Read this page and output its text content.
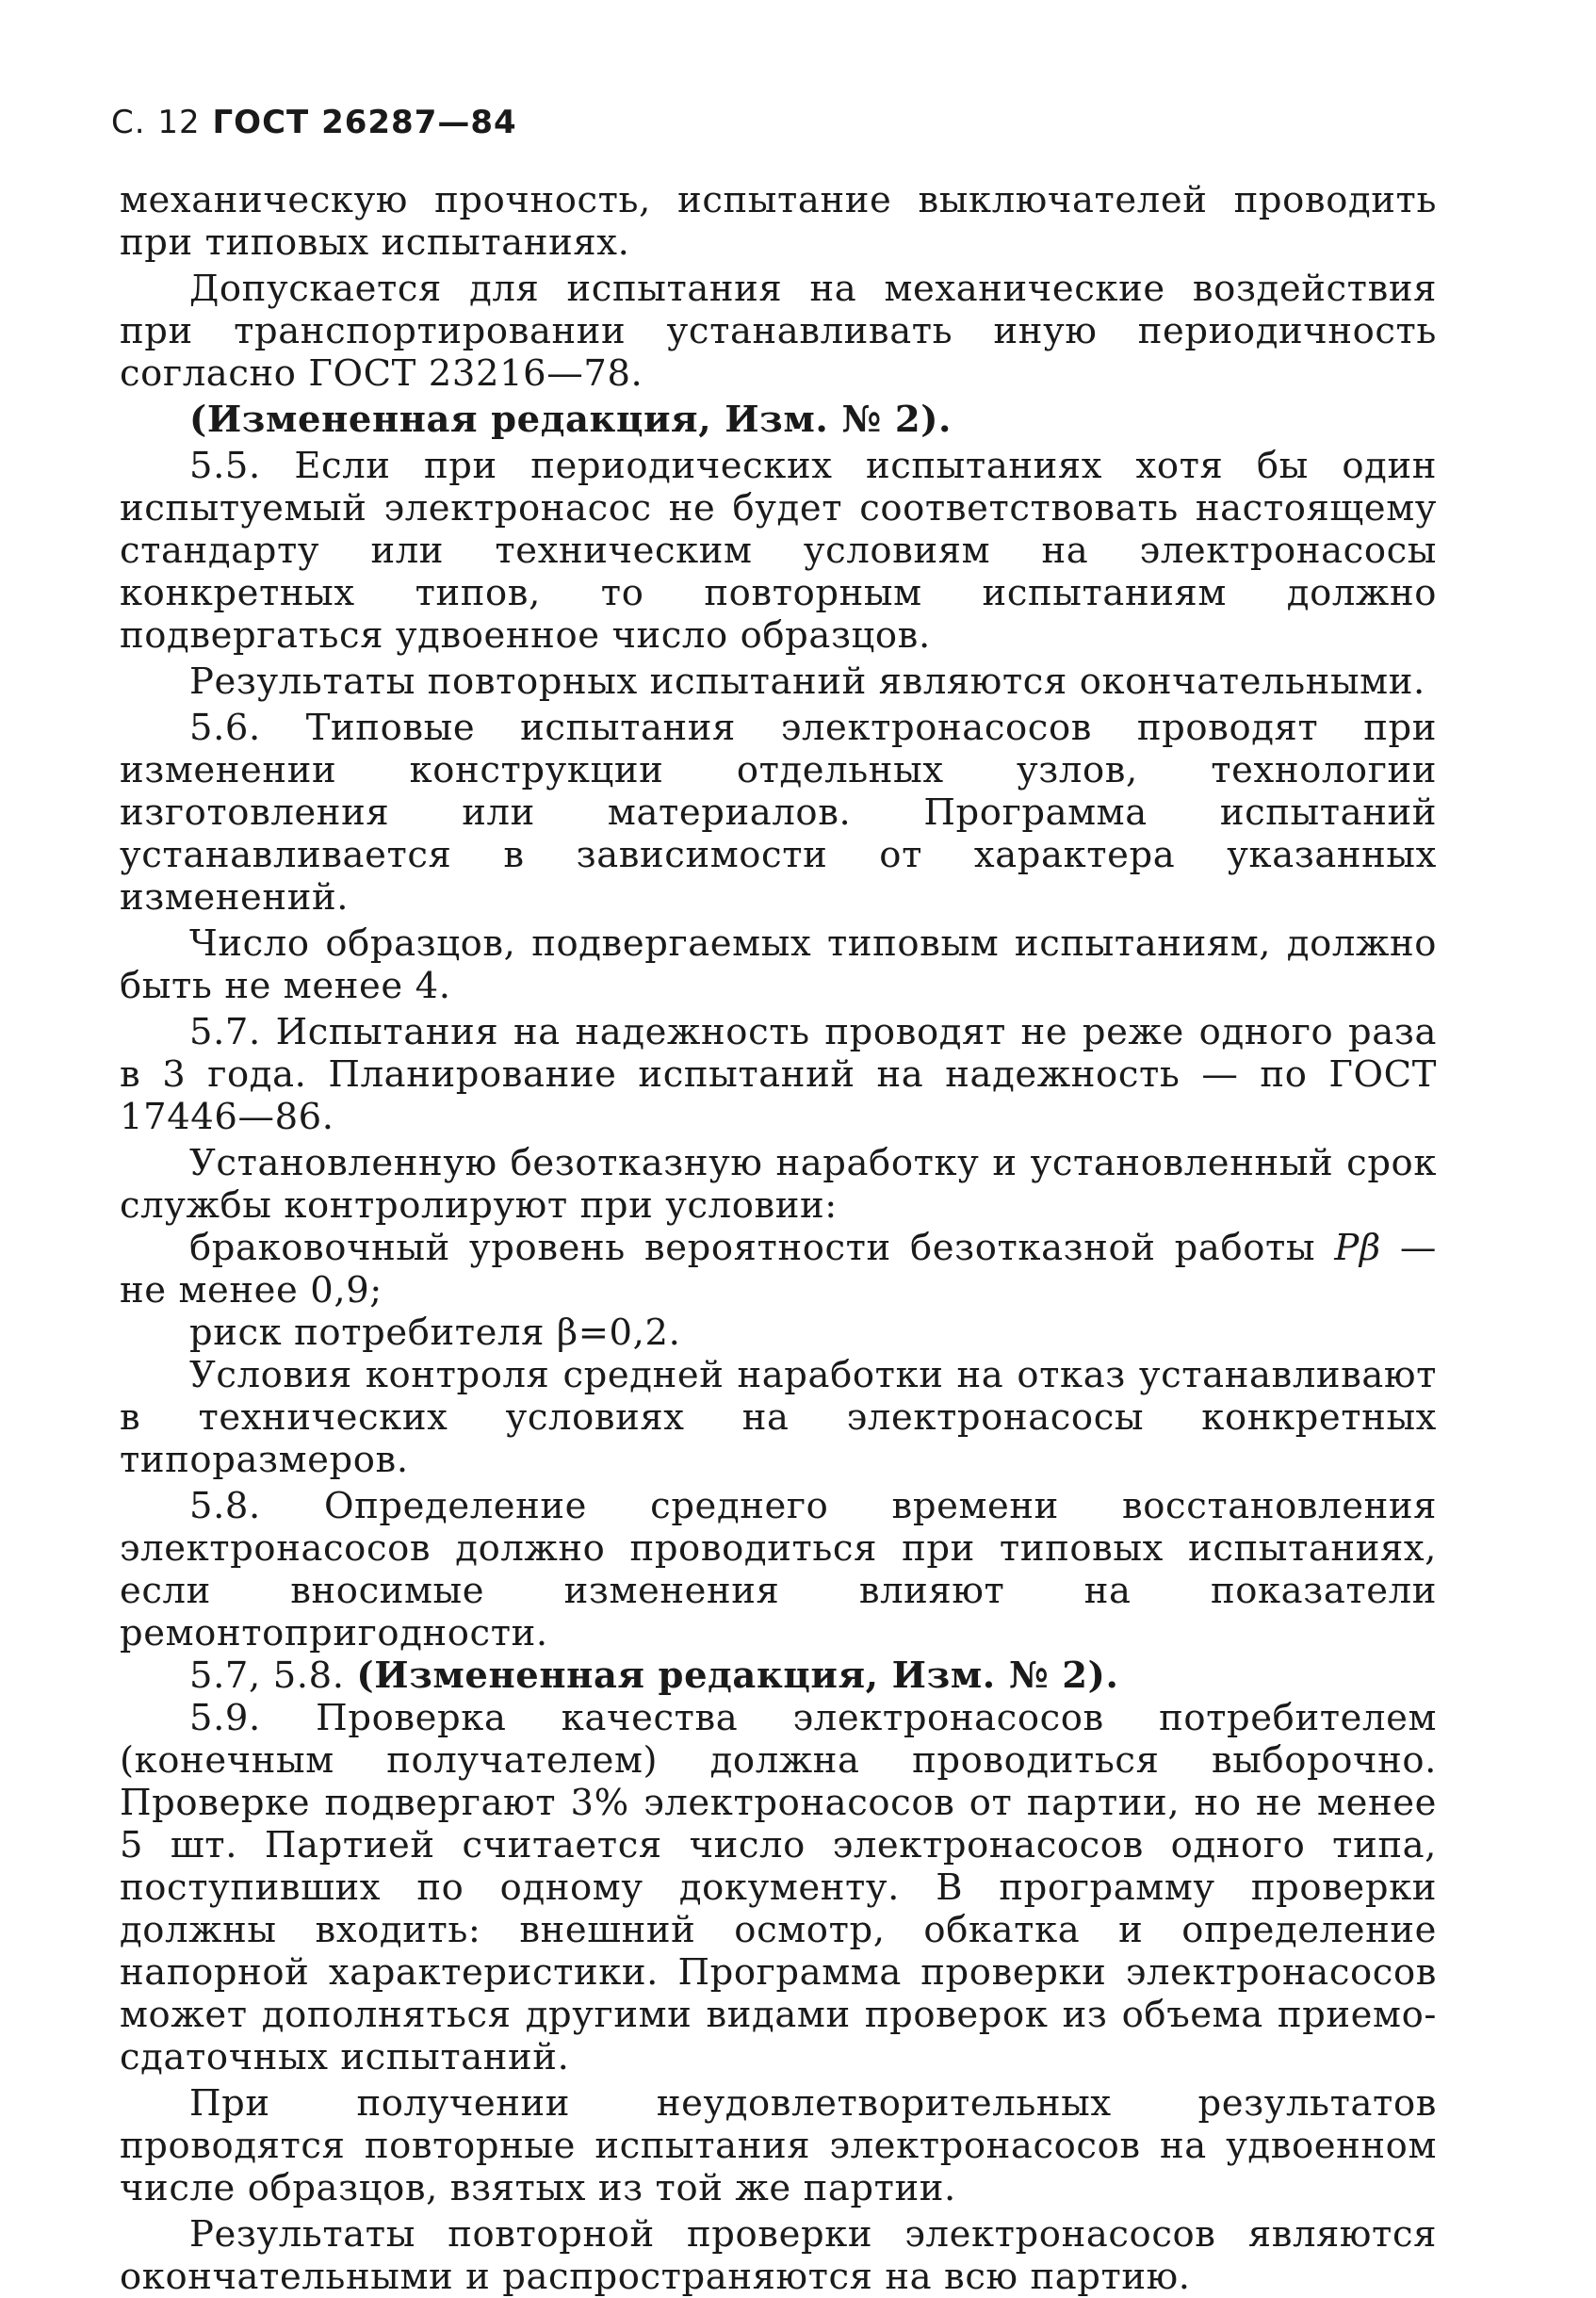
С. 12 ГОСТ 26287—84

механическую прочность, испытание выключателей проводить при типовых испытаниях.

Допускается для испытания на механические воздействия при транспортировании устанавливать иную периодичность согласно ГОСТ 23216—78.

(Измененная редакция, Изм. № 2).

5.5. Если при периодических испытаниях хотя бы один испытуемый электронасос не будет соответствовать настоящему стандарту или техническим условиям на электронасосы конкретных типов, то повторным испытаниям должно подвергаться удвоенное число образцов.

Результаты повторных испытаний являются окончательными.

5.6. Типовые испытания электронасосов проводят при изменении конструкции отдельных узлов, технологии изготовления или материалов. Программа испытаний устанавливается в зависимости от характера указанных изменений.

Число образцов, подвергаемых типовым испытаниям, должно быть не менее 4.

5.7. Испытания на надежность проводят не реже одного раза в 3 года. Планирование испытаний на надежность — по ГОСТ 17446—86.

Установленную безотказную наработку и установленный срок службы контролируют при условии:

браковочный уровень вероятности безотказной работы Pβ — не менее 0,9;

риск потребителя β=0,2.

Условия контроля средней наработки на отказ устанавливают в технических условиях на электронасосы конкретных типоразмеров.

5.8. Определение среднего времени восстановления электронасосов должно проводиться при типовых испытаниях, если вносимые изменения влияют на показатели ремонтопригодности.

5.7, 5.8. (Измененная редакция, Изм. № 2).

5.9. Проверка качества электронасосов потребителем (конечным получателем) должна проводиться выборочно. Проверке подвергают 3% электронасосов от партии, но не менее 5 шт. Партией считается число электронасосов одного типа, поступивших по одному документу. В программу проверки должны входить: внешний осмотр, обкатка и определение напорной характеристики. Программа проверки электронасосов может дополняться другими видами проверок из объема приемо-сдаточных испытаний.

При получении неудовлетворительных результатов проводятся повторные испытания электронасосов на удвоенном числе образцов, взятых из той же партии.

Результаты повторной проверки электронасосов являются окончательными и распространяются на всю партию.
